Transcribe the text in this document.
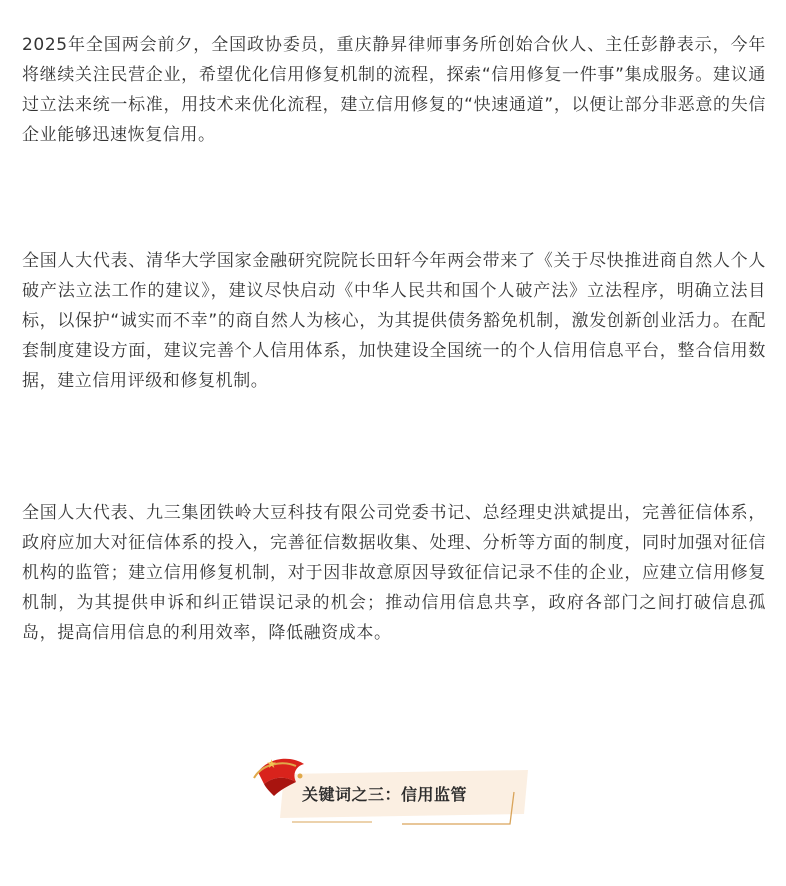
2025年全国两会前夕，全国政协委员，重庆静昇律师事务所创始合伙人、主任彭静表示，今年将继续关注民营企业，希望优化信用修复机制的流程，探索“信用修复一件事”集成服务。建议通过立法来统一标准，用技术来优化流程，建立信用修复的“快速通道”，以便让部分非恶意的失信企业能够迅速恢复信用。

全国人大代表、清华大学国家金融研究院院长田轩今年两会带来了《关于尽快推进商自然人个人破产法立法工作的建议》，建议尽快启动《中华人民共和国个人破产法》立法程序，明确立法目标，以保护“诚实而不幸”的商自然人为核心，为其提供债务豁免机制，激发创新创业活力。在配套制度建设方面，建议完善个人信用体系，加快建设全国统一的个人信用信息平台，整合信用数据，建立信用评级和修复机制。

全国人大代表、九三集团铁岭大豆科技有限公司党委书记、总经理史洪斌提出，完善征信体系，政府应加大对征信体系的投入，完善征信数据收集、处理、分析等方面的制度，同时加强对征信机构的监管；建立信用修复机制，对于因非故意原因导致征信记录不佳的企业，应建立信用修复机制，为其提供申诉和纠正错误记录的机会；推动信用信息共享，政府各部门之间打破信息孤岛，提高信用信息的利用效率，降低融资成本。

关键词之三：信用监管
